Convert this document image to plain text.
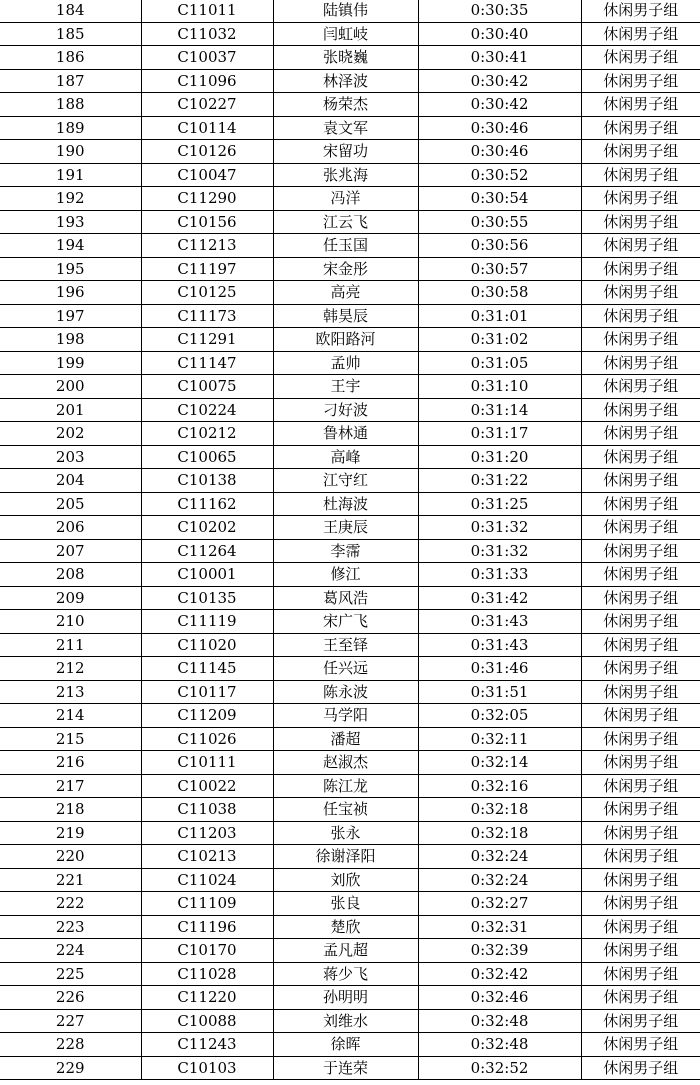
184	C11011	陆镇伟	0:30:35	休闲男子组
185	C11032	闫虹岐	0:30:40	休闲男子组
186	C10037	张晓巍	0:30:41	休闲男子组
187	C11096	林泽波	0:30:42	休闲男子组
188	C10227	杨荣杰	0:30:42	休闲男子组
189	C10114	袁文军	0:30:46	休闲男子组
190	C10126	宋留功	0:30:46	休闲男子组
191	C10047	张兆海	0:30:52	休闲男子组
192	C11290	冯洋	0:30:54	休闲男子组
193	C10156	江云飞	0:30:55	休闲男子组
194	C11213	任玉国	0:30:56	休闲男子组
195	C11197	宋金彤	0:30:57	休闲男子组
196	C10125	高亮	0:30:58	休闲男子组
197	C11173	韩昊辰	0:31:01	休闲男子组
198	C11291	欧阳路河	0:31:02	休闲男子组
199	C11147	孟帅	0:31:05	休闲男子组
200	C10075	王宇	0:31:10	休闲男子组
201	C10224	刁好波	0:31:14	休闲男子组
202	C10212	鲁林通	0:31:17	休闲男子组
203	C10065	高峰	0:31:20	休闲男子组
204	C10138	江守红	0:31:22	休闲男子组
205	C11162	杜海波	0:31:25	休闲男子组
206	C10202	王庚辰	0:31:32	休闲男子组
207	C11264	李霈	0:31:32	休闲男子组
208	C10001	修江	0:31:33	休闲男子组
209	C10135	葛风浩	0:31:42	休闲男子组
210	C11119	宋广飞	0:31:43	休闲男子组
211	C11020	王至铎	0:31:43	休闲男子组
212	C11145	任兴远	0:31:46	休闲男子组
213	C10117	陈永波	0:31:51	休闲男子组
214	C11209	马学阳	0:32:05	休闲男子组
215	C11026	潘超	0:32:11	休闲男子组
216	C10111	赵淑杰	0:32:14	休闲男子组
217	C10022	陈江龙	0:32:16	休闲男子组
218	C11038	任宝祯	0:32:18	休闲男子组
219	C11203	张永	0:32:18	休闲男子组
220	C10213	徐谢泽阳	0:32:24	休闲男子组
221	C11024	刘欣	0:32:24	休闲男子组
222	C11109	张良	0:32:27	休闲男子组
223	C11196	楚欣	0:32:31	休闲男子组
224	C10170	孟凡超	0:32:39	休闲男子组
225	C11028	蒋少飞	0:32:42	休闲男子组
226	C11220	孙明明	0:32:46	休闲男子组
227	C10088	刘维水	0:32:48	休闲男子组
228	C11243	徐晖	0:32:48	休闲男子组
229	C10103	于连荣	0:32:52	休闲男子组
